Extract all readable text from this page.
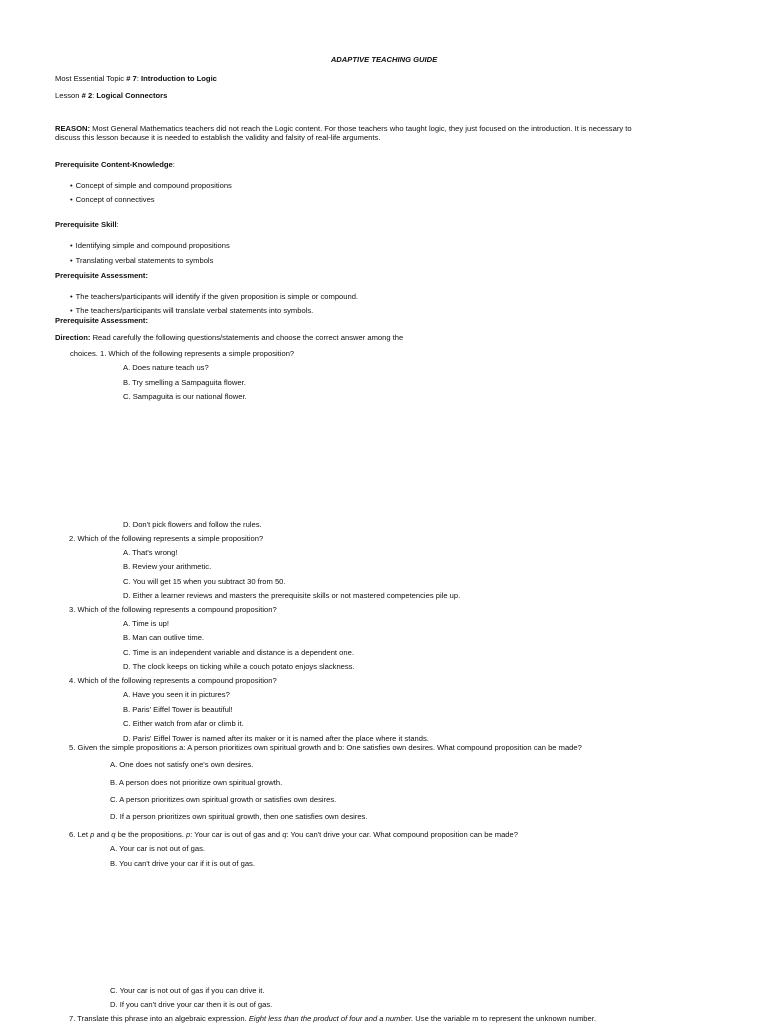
ADAPTIVE TEACHING GUIDE
Most Essential Topic # 7: Introduction to Logic
Lesson # 2: Logical Connectors
REASON: Most General Mathematics teachers did not reach the Logic content. For those teachers who taught logic, they just focused on the introduction. It is necessary to discuss this lesson because it is needed to establish the validity and falsity of real-life arguments.
Prerequisite Content-Knowledge:
• Concept of simple and compound propositions
• Concept of connectives
Prerequisite Skill:
• Identifying simple and compound propositions
• Translating verbal statements to symbols
Prerequisite Assessment:
• The teachers/participants will identify if the given proposition is simple or compound.
• The teachers/participants will translate verbal statements into symbols.
Prerequisite Assessment:
Direction: Read carefully the following questions/statements and choose the correct answer among the
choices. 1. Which of the following represents a simple proposition?
A. Does nature teach us?
B. Try smelling a Sampaguita flower.
C. Sampaguita is our national flower.
D. Don't pick flowers and follow the rules.
2. Which of the following represents a simple proposition?
A. That's wrong!
B. Review your arithmetic.
C. You will get 15 when you subtract 30 from 50.
D. Either a learner reviews and masters the prerequisite skills or not mastered competencies pile up.
3. Which of the following represents a compound proposition?
A. Time is up!
B. Man can outlive time.
C. Time is an independent variable and distance is a dependent one.
D. The clock keeps on ticking while a couch potato enjoys slackness.
4. Which of the following represents a compound proposition?
A. Have you seen it in pictures?
B. Paris' Eiffel Tower is beautiful!
C. Either watch from afar or climb it.
D. Paris' Eiffel Tower is named after its maker or it is named after the place where it stands.
5. Given the simple propositions a: A person prioritizes own spiritual growth and b: One satisfies own desires. What compound proposition can be made?
A. One does not satisfy one's own desires.
B. A person does not prioritize own spiritual growth.
C. A person prioritizes own spiritual growth or satisfies own desires.
D. If a person prioritizes own spiritual growth, then one satisfies own desires.
6. Let p and q be the propositions. p: Your car is out of gas and q: You can't drive your car. What compound proposition can be made?
A. Your car is not out of gas.
B. You can't drive your car if it is out of gas.
C. Your car is not out of gas if you can drive it.
D. If you can't drive your car then it is out of gas.
7. Translate this phrase into an algebraic expression. Eight less than the product of four and a number. Use the variable m to represent the unknown number.
